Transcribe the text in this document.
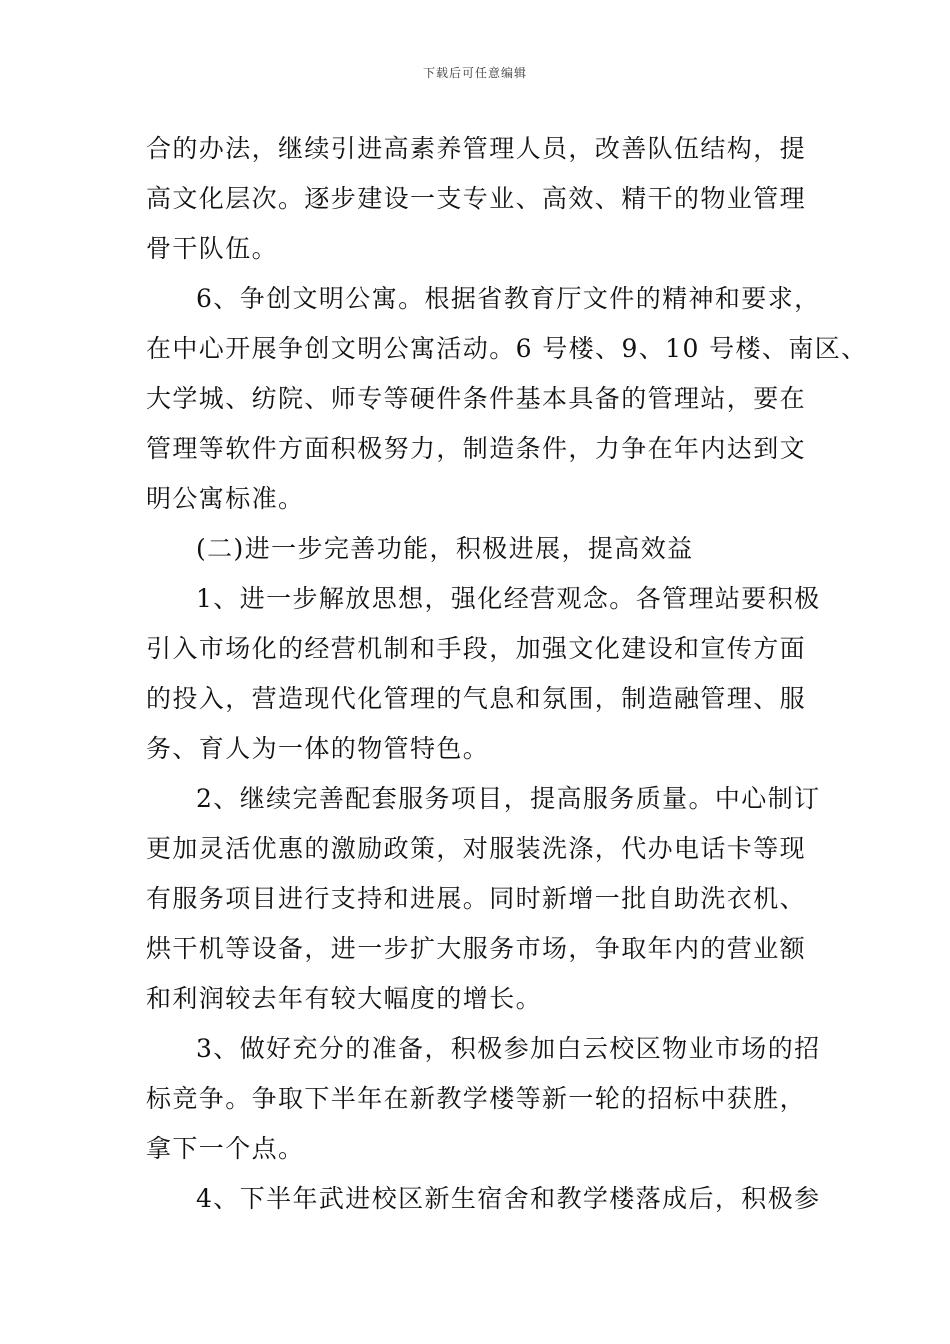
下载后可任意编辑
合的办法，继续引进高素养管理人员，改善队伍结构，提
高文化层次。逐步建设一支专业、高效、精干的物业管理
骨干队伍。
6、争创文明公寓。根据省教育厅文件的精神和要求，
在中心开展争创文明公寓活动。6 号楼、9、10 号楼、南区、
大学城、纺院、师专等硬件条件基本具备的管理站，要在
管理等软件方面积极努力，制造条件，力争在年内达到文
明公寓标准。
(二)进一步完善功能，积极进展，提高效益
1、进一步解放思想，强化经营观念。各管理站要积极
引入市场化的经营机制和手段，加强文化建设和宣传方面
的投入，营造现代化管理的气息和氛围，制造融管理、服
务、育人为一体的物管特色。
2、继续完善配套服务项目，提高服务质量。中心制订
更加灵活优惠的激励政策，对服装洗涤，代办电话卡等现
有服务项目进行支持和进展。同时新增一批自助洗衣机、
烘干机等设备，进一步扩大服务市场，争取年内的营业额
和利润较去年有较大幅度的增长。
3、做好充分的准备，积极参加白云校区物业市场的招
标竞争。争取下半年在新教学楼等新一轮的招标中获胜，
拿下一个点。
4、下半年武进校区新生宿舍和教学楼落成后，积极参
